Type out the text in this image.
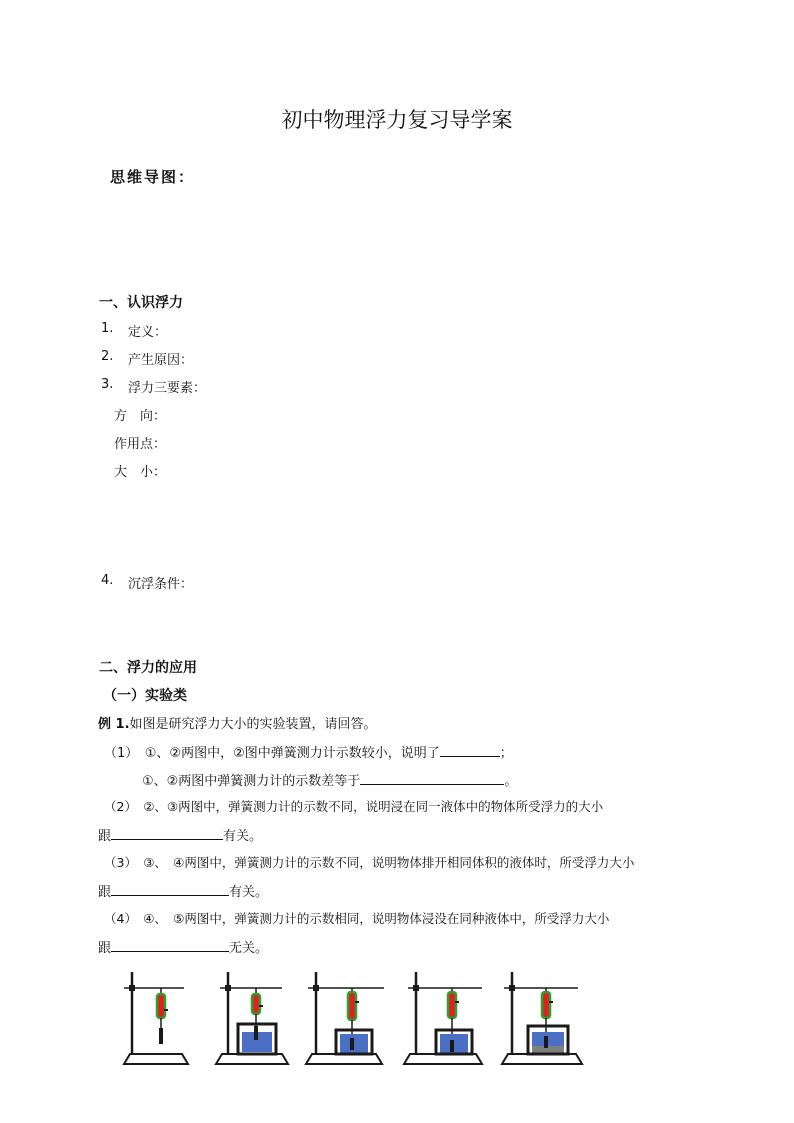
初中物理浮力复习导学案
思维导图：
一、认识浮力
1. 定义：
2. 产生原因：
3. 浮力三要素：
方　向：
作用点：
大　小：
4. 沉浮条件：
二、浮力的应用
（一）实验类
例 1.如图是研究浮力大小的实验装置，请回答。
（1）　①、②两图中，②图中弹簧测力计示数较小，说明了	；
①、②两图中弹簧测力计的示数差等于	。
（2）　②、③两图中，弹簧测力计的示数不同，说明浸在同一液体中的物体所受浮力的大小
跟	有关。
（3）　③、　④两图中，弹簧测力计的示数不同，说明物体排开相同体积的液体时，所受浮力大小
跟	有关。
（4）　④、　⑤两图中，弹簧测力计的示数相同，说明物体浸没在同种液体中，所受浮力大小
跟	无关。
